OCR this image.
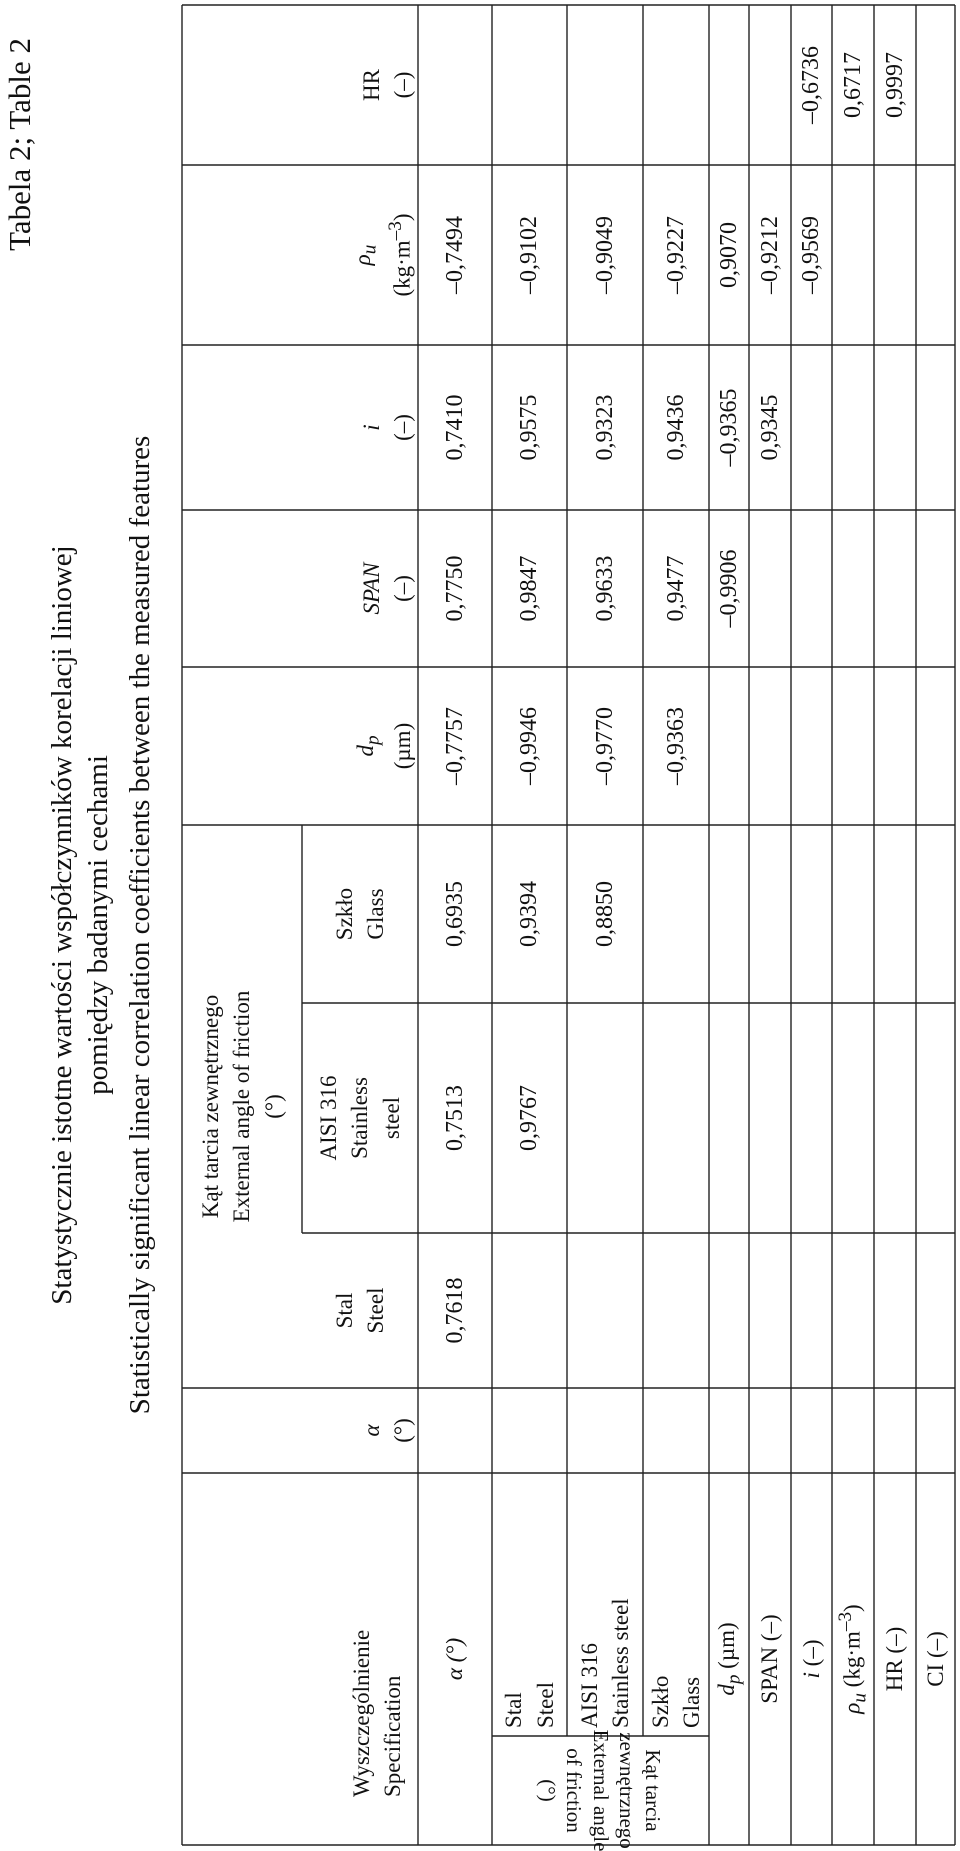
Tabela 2; Table 2
Statystycznie istotne wartości współczynników korelacji liniowej pomiędzy badanymi cechami Statistically significant linear correlation coefficients between the measured features
Wyszczególnienie Specification
α (°)
Kąt tarcia zewnętrznego External angle of friction (°)
Stal Steel
AISI 316 Stainless steel
Szkło Glass
$d_p$ (µm)
SPAN (–)
i (–)
$\rho_u$ $(kg\cdot m^{-3})$
HR (–)
α (°)
Kąt tarcia
zewnętrznego
External angle
of friction
(°)
Stal Steel AISI 316 Stainless steel Szkło Glass $d_p$ (µm) SPAN (–) i (–)
$\rho_u$ $(kg\cdot m^{-3})$
HR (–) CI (–)
0,7618
0,7513
0,6935
–0,7757
0,7750
0,7410
–0,7494
0,9767
0,9394
–0,9946
0,9847
0,9575
–0,9102
0,8850
–0,9770
0,9633
0,9323
–0,9049
–0,9363
0,9477
0,9436
–0,9227
–0,9906
–0,9365
0,9070
0,9345
–0,9212 –0,9569
–0,6736 0,6717 0,9997
